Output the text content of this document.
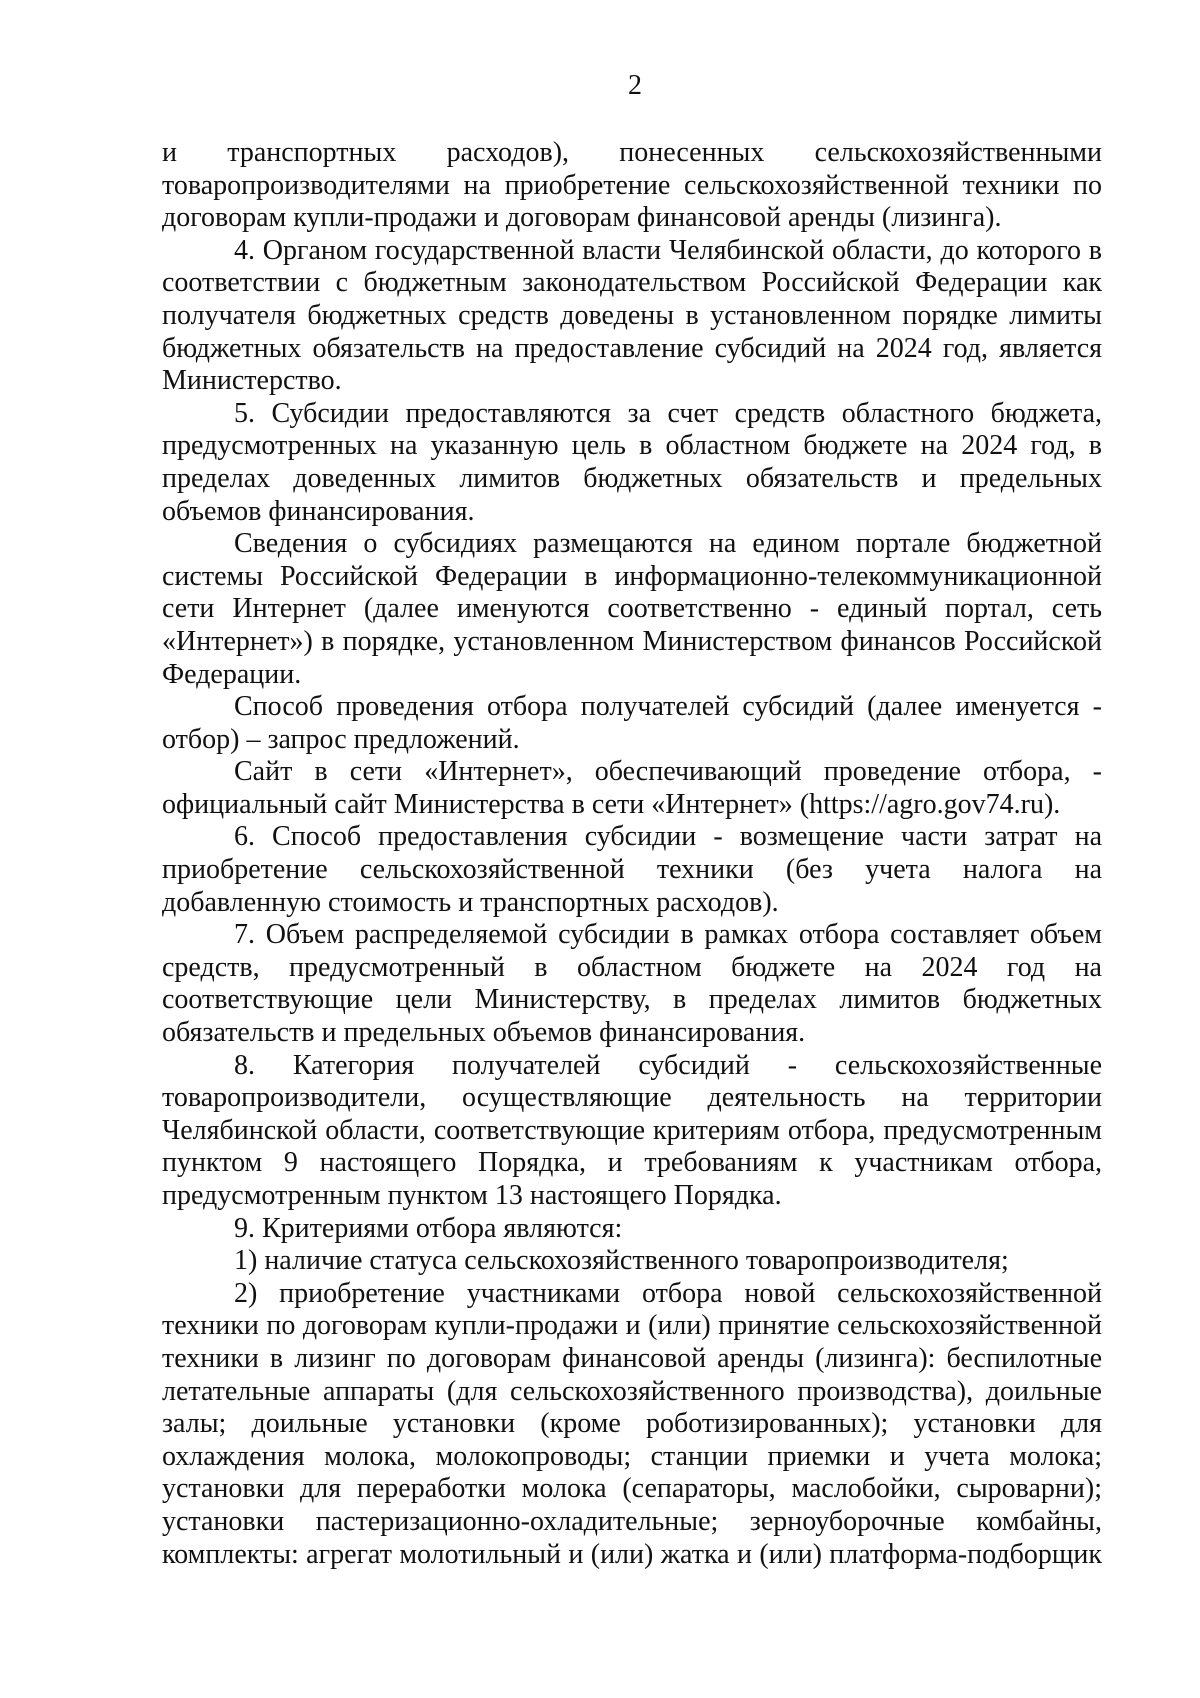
2

и транспортных расходов), понесенных сельскохозяйственными товаропроизводителями на приобретение сельскохозяйственной техники по договорам купли-продажи и договорам финансовой аренды (лизинга).

4. Органом государственной власти Челябинской области, до которого в соответствии с бюджетным законодательством Российской Федерации как получателя бюджетных средств доведены в установленном порядке лимиты бюджетных обязательств на предоставление субсидий на 2024 год, является Министерство.

5. Субсидии предоставляются за счет средств областного бюджета, предусмотренных на указанную цель в областном бюджете на 2024 год, в пределах доведенных лимитов бюджетных обязательств и предельных объемов финансирования.

Сведения о субсидиях размещаются на едином портале бюджетной системы Российской Федерации в информационно-телекоммуникационной сети Интернет (далее именуются соответственно - единый портал, сеть «Интернет») в порядке, установленном Министерством финансов Российской Федерации.

Способ проведения отбора получателей субсидий (далее именуется - отбор) – запрос предложений.

Сайт в сети «Интернет», обеспечивающий проведение отбора, - официальный сайт Министерства в сети «Интернет» (https://agro.gov74.ru).

6. Способ предоставления субсидии - возмещение части затрат на приобретение сельскохозяйственной техники (без учета налога на добавленную стоимость и транспортных расходов).

7. Объем распределяемой субсидии в рамках отбора составляет объем средств, предусмотренный в областном бюджете на 2024 год на соответствующие цели Министерству, в пределах лимитов бюджетных обязательств и предельных объемов финансирования.

8. Категория получателей субсидий - сельскохозяйственные товаропроизводители, осуществляющие деятельность на территории Челябинской области, соответствующие критериям отбора, предусмотренным пунктом 9 настоящего Порядка, и требованиям к участникам отбора, предусмотренным пунктом 13 настоящего Порядка.

9. Критериями отбора являются:

1) наличие статуса сельскохозяйственного товаропроизводителя;

2) приобретение участниками отбора новой сельскохозяйственной техники по договорам купли-продажи и (или) принятие сельскохозяйственной техники в лизинг по договорам финансовой аренды (лизинга): беспилотные летательные аппараты (для сельскохозяйственного производства), доильные залы; доильные установки (кроме роботизированных); установки для охлаждения молока, молокопроводы; станции приемки и учета молока; установки для переработки молока (сепараторы, маслобойки, сыроварни); установки пастеризационно-охладительные; зерноуборочные комбайны, комплекты: агрегат молотильный и (или) жатка и (или) платформа-подборщик
